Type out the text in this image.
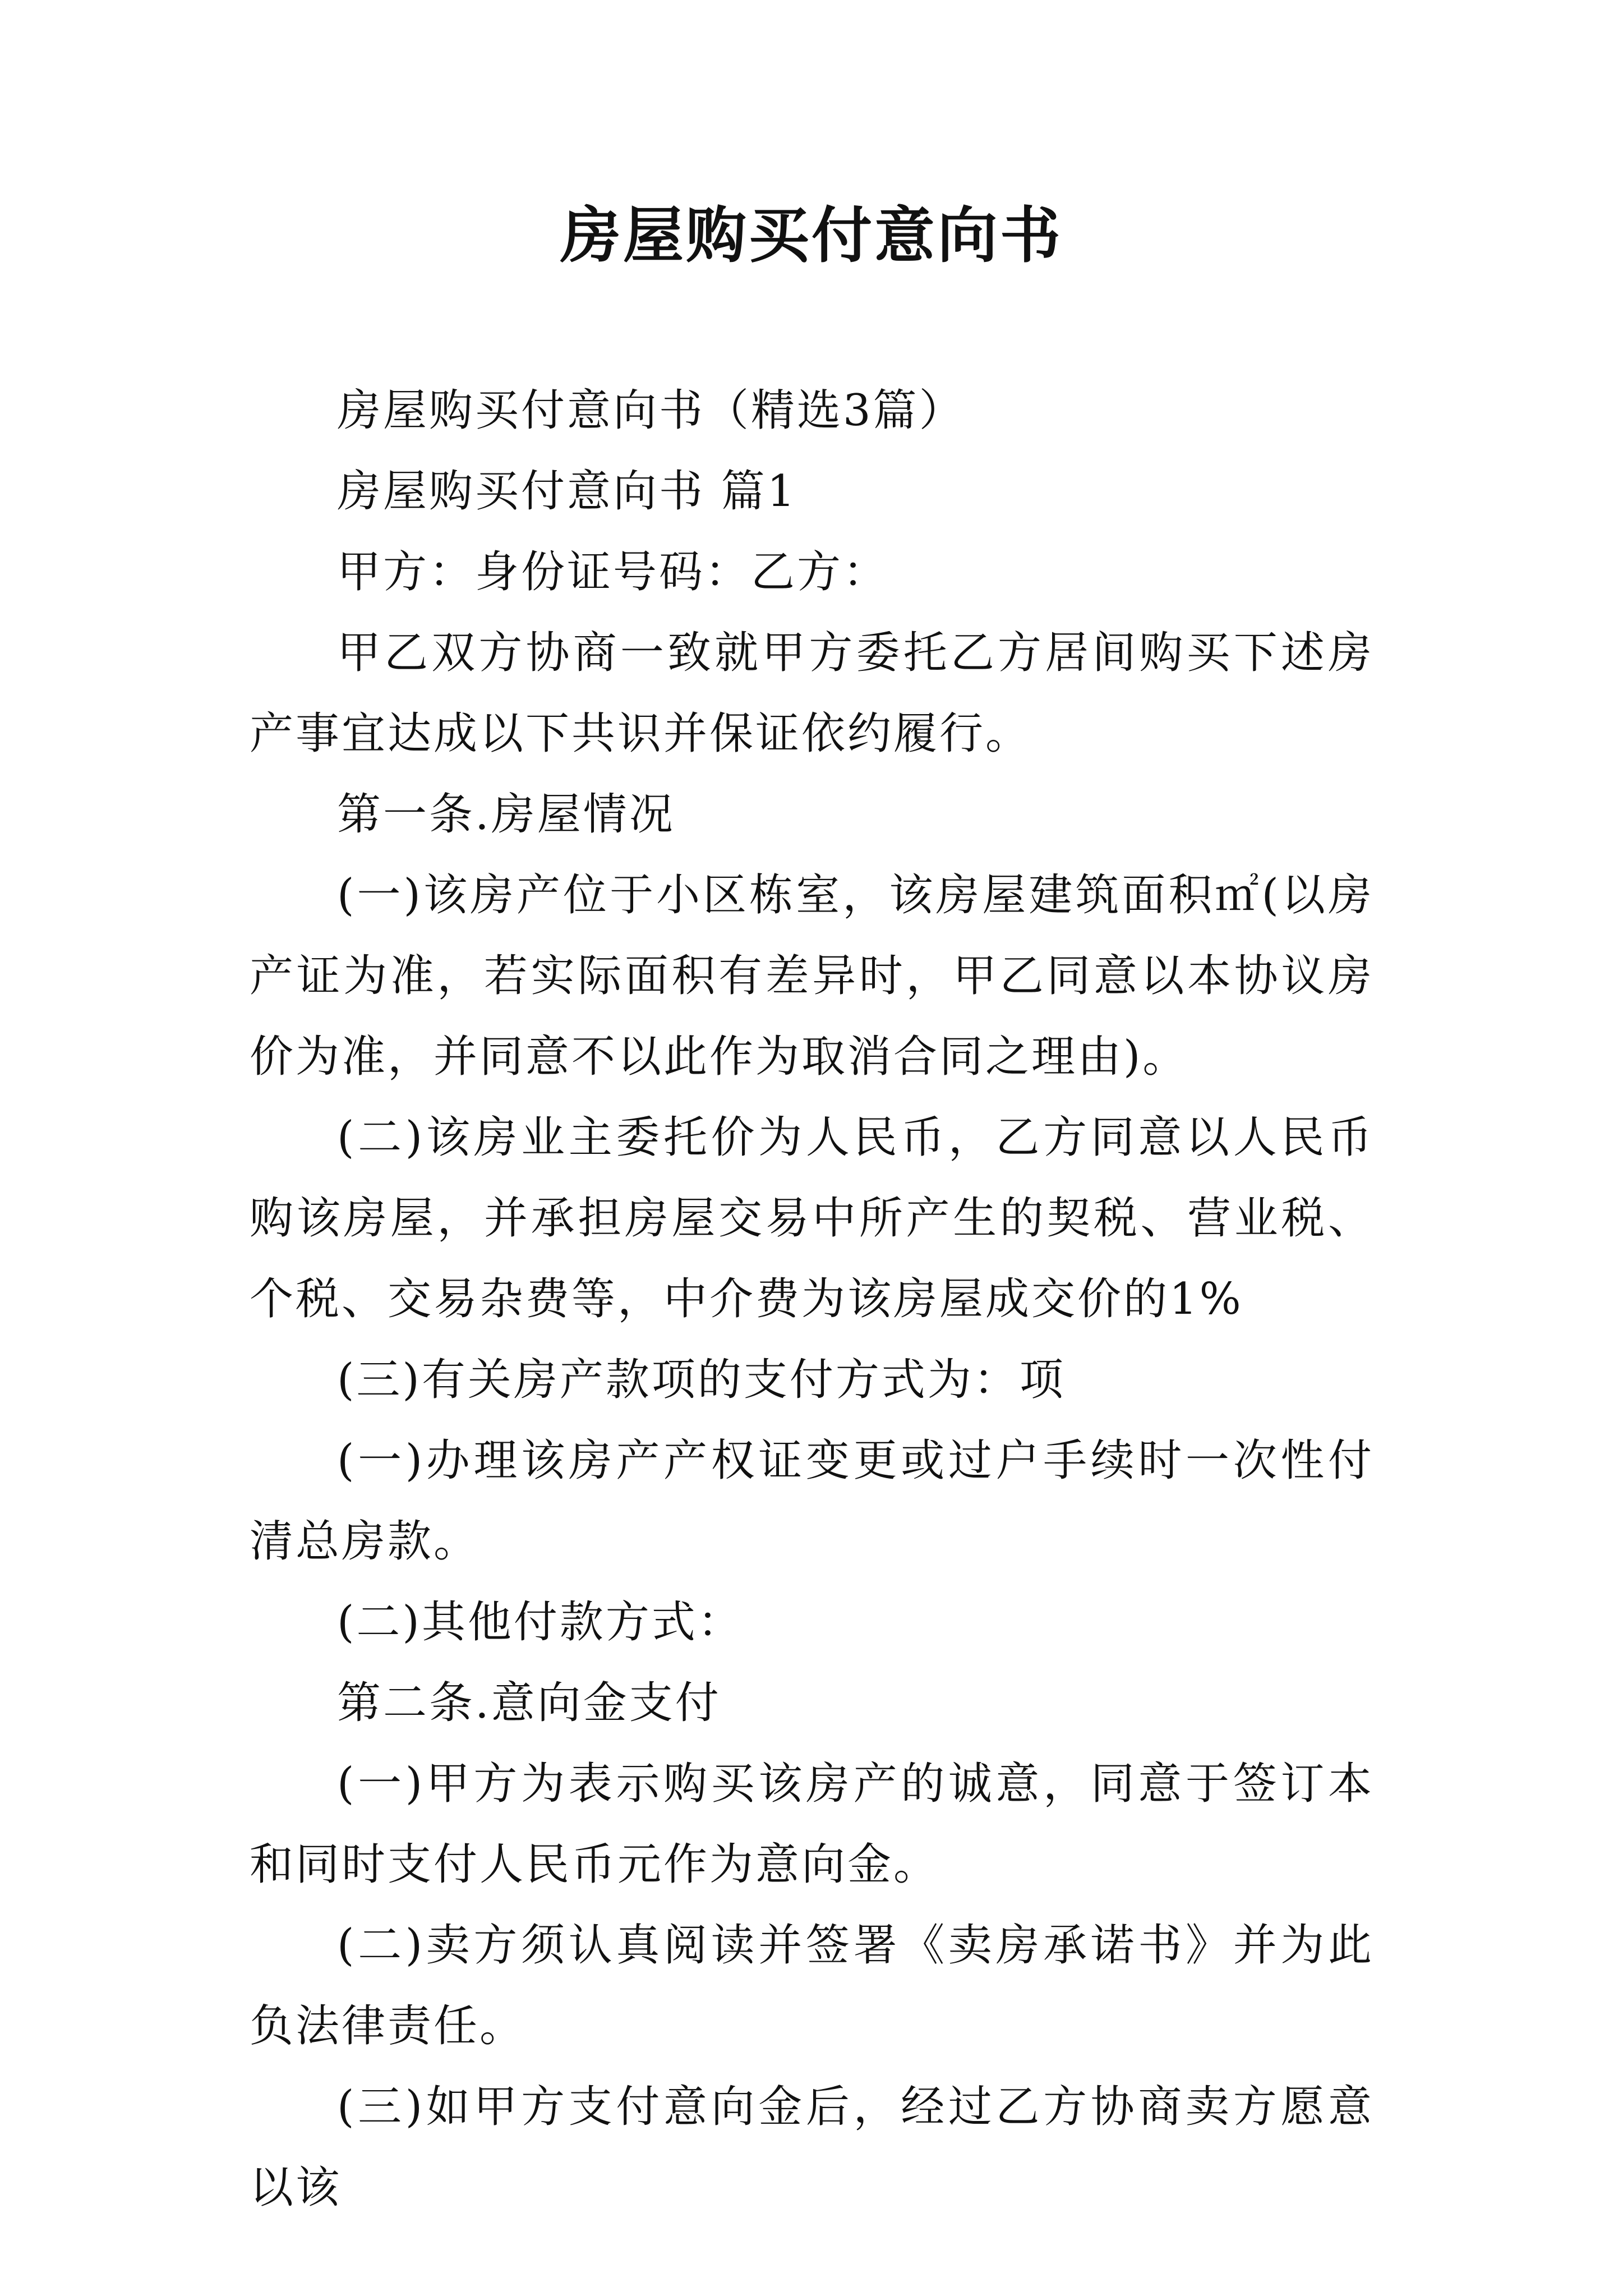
房屋购买付意向书

房屋购买付意向书（精选3篇）

房屋购买付意向书 篇1

甲方：身份证号码：乙方：

甲乙双方协商一致就甲方委托乙方居间购买下述房产事宜达成以下共识并保证依约履行。

第一条.房屋情况

(一)该房产位于小区栋室，该房屋建筑面积㎡(以房产证为准，若实际面积有差异时，甲乙同意以本协议房价为准，并同意不以此作为取消合同之理由)。

(二)该房业主委托价为人民币，乙方同意以人民币购该房屋，并承担房屋交易中所产生的契税、营业税、个税、交易杂费等，中介费为该房屋成交价的1%

(三)有关房产款项的支付方式为：项

(一)办理该房产产权证变更或过户手续时一次性付清总房款。

(二)其他付款方式：

第二条.意向金支付

(一)甲方为表示购买该房产的诚意，同意于签订本和同时支付人民币元作为意向金。

(二)卖方须认真阅读并签署《卖房承诺书》并为此负法律责任。

(三)如甲方支付意向金后，经过乙方协商卖方愿意以该
